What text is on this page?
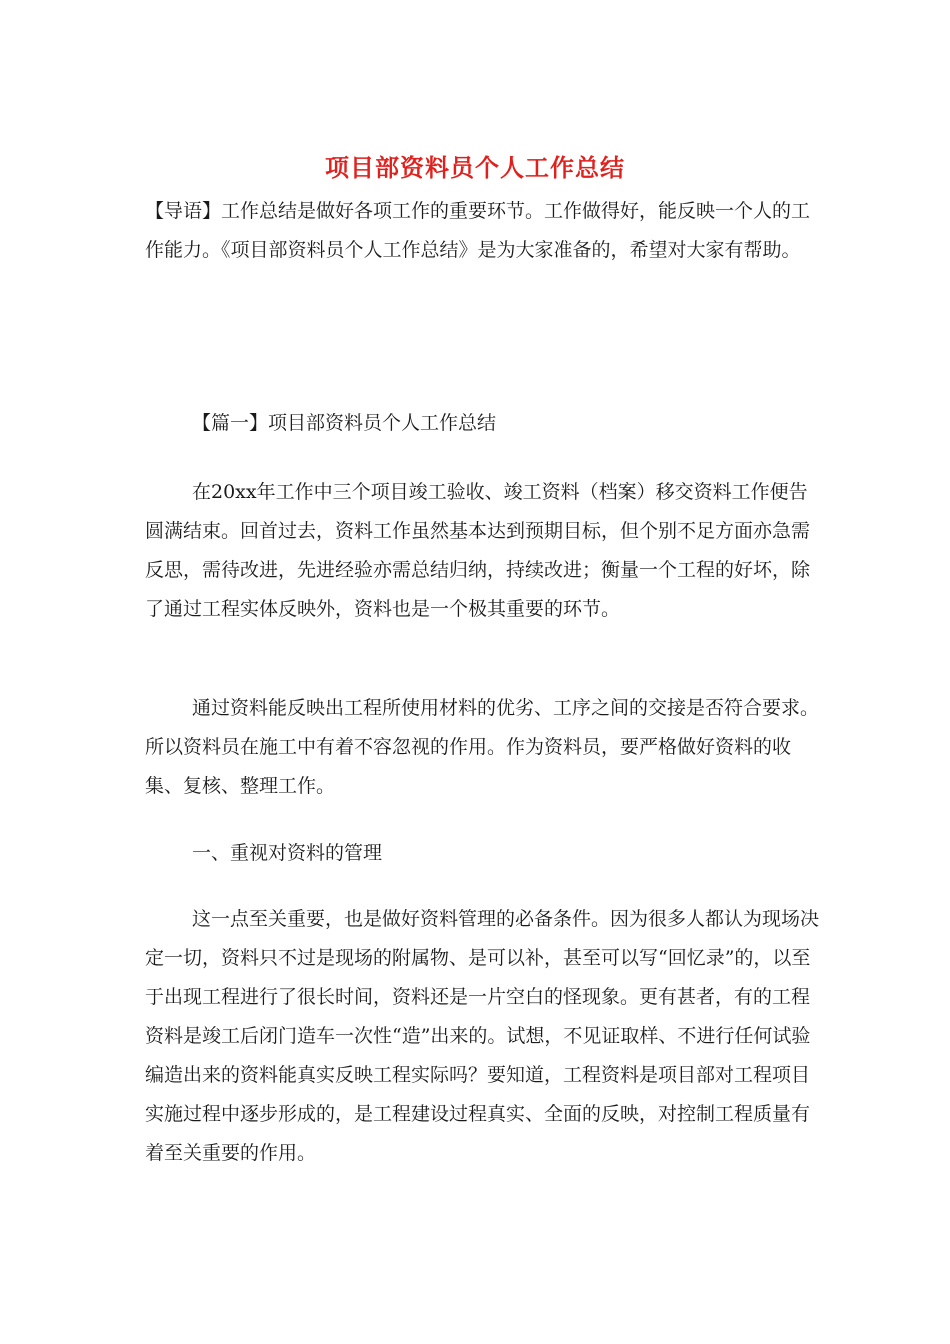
项目部资料员个人工作总结
【导语】工作总结是做好各项工作的重要环节。工作做得好，能反映一个人的工作能力。《项目部资料员个人工作总结》是为大家准备的，希望对大家有帮助。
【篇一】项目部资料员个人工作总结
在20xx年工作中三个项目竣工验收、竣工资料（档案）移交资料工作便告圆满结束。回首过去，资料工作虽然基本达到预期目标，但个别不足方面亦急需反思，需待改进，先进经验亦需总结归纳，持续改进；衡量一个工程的好坏，除了通过工程实体反映外，资料也是一个极其重要的环节。
通过资料能反映出工程所使用材料的优劣、工序之间的交接是否符合要求。所以资料员在施工中有着不容忽视的作用。作为资料员，要严格做好资料的收集、复核、整理工作。
一、重视对资料的管理
这一点至关重要，也是做好资料管理的必备条件。因为很多人都认为现场决定一切，资料只不过是现场的附属物、是可以补，甚至可以写“回忆录”的，以至于出现工程进行了很长时间，资料还是一片空白的怪现象。更有甚者，有的工程资料是竣工后闭门造车一次性“造”出来的。试想，不见证取样、不进行任何试验编造出来的资料能真实反映工程实际吗？要知道，工程资料是项目部对工程项目实施过程中逐步形成的，是工程建设过程真实、全面的反映，对控制工程质量有着至关重要的作用。
